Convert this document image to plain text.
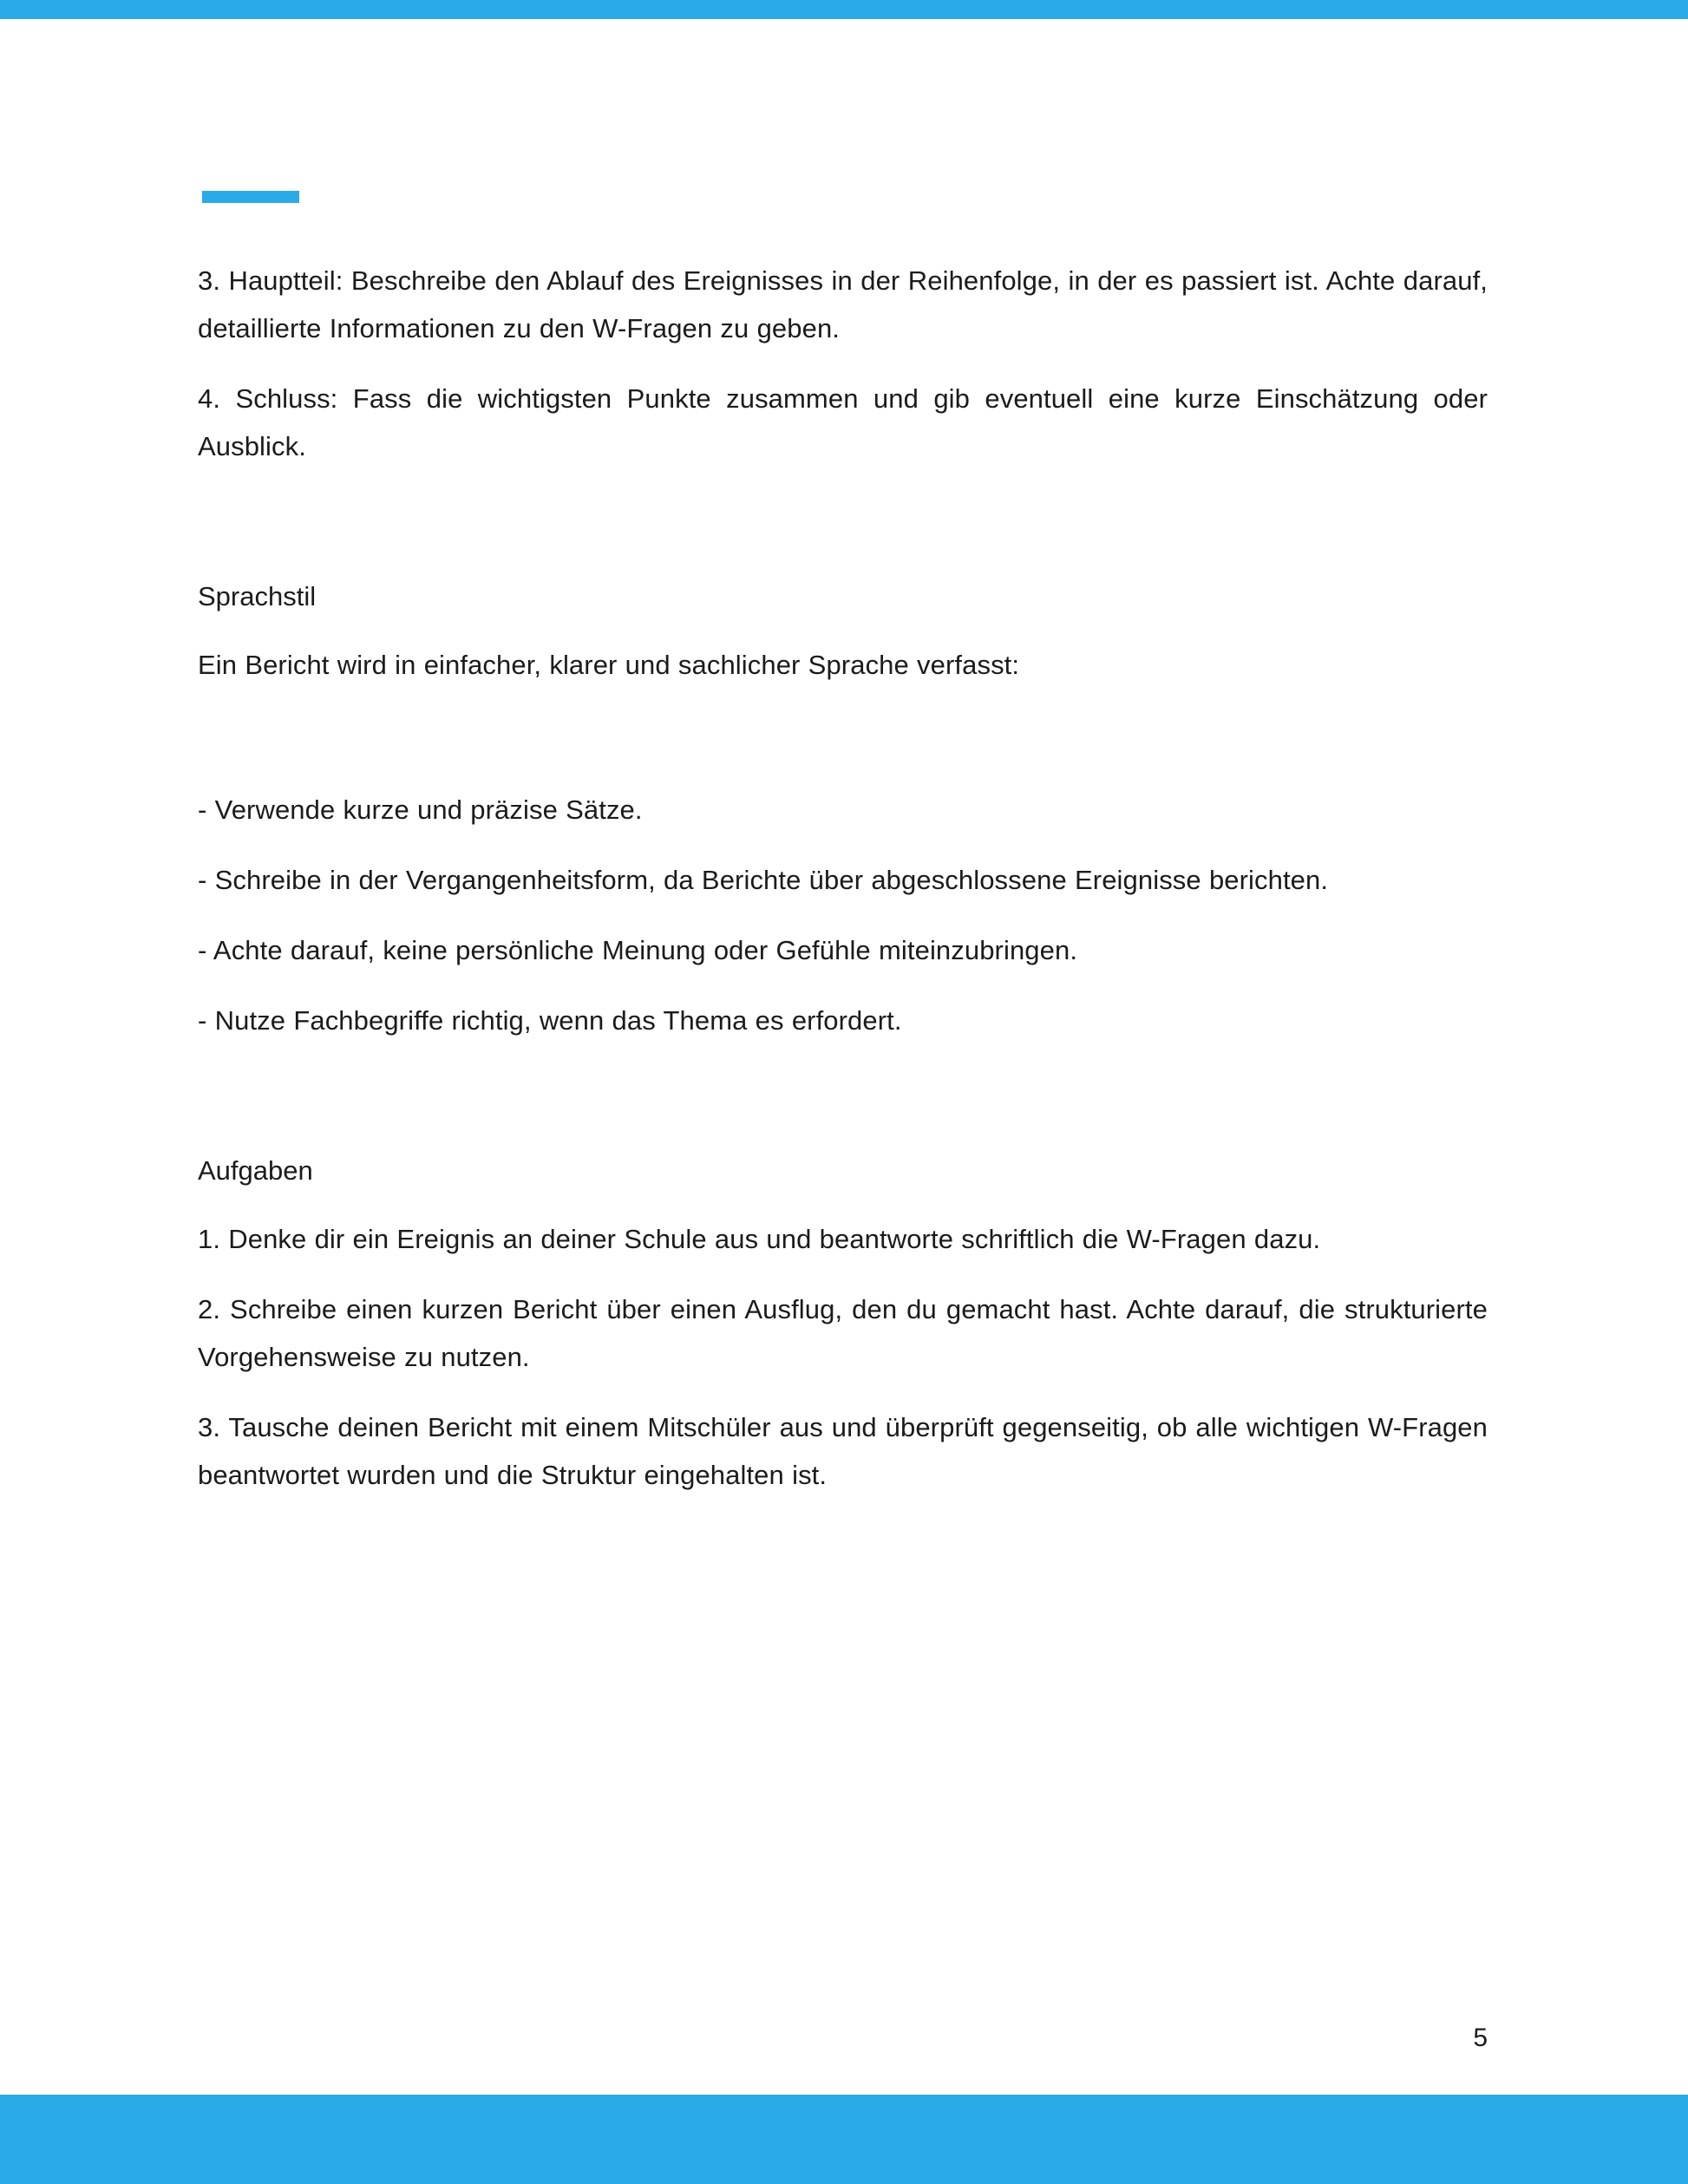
3. Hauptteil: Beschreibe den Ablauf des Ereignisses in der Reihenfolge, in der es passiert ist. Achte darauf, detaillierte Informationen zu den W-Fragen zu geben.

4. Schluss: Fass die wichtigsten Punkte zusammen und gib eventuell eine kurze Einschätzung oder Ausblick.

Sprachstil

Ein Bericht wird in einfacher, klarer und sachlicher Sprache verfasst:

- Verwende kurze und präzise Sätze.

- Schreibe in der Vergangenheitsform, da Berichte über abgeschlossene Ereignisse berichten.

- Achte darauf, keine persönliche Meinung oder Gefühle miteinzubringen.

- Nutze Fachbegriffe richtig, wenn das Thema es erfordert.

Aufgaben

1. Denke dir ein Ereignis an deiner Schule aus und beantworte schriftlich die W-Fragen dazu.

2. Schreibe einen kurzen Bericht über einen Ausflug, den du gemacht hast. Achte darauf, die strukturierte Vorgehensweise zu nutzen.

3. Tausche deinen Bericht mit einem Mitschüler aus und überprüft gegenseitig, ob alle wichtigen W-Fragen beantwortet wurden und die Struktur eingehalten ist.

5
